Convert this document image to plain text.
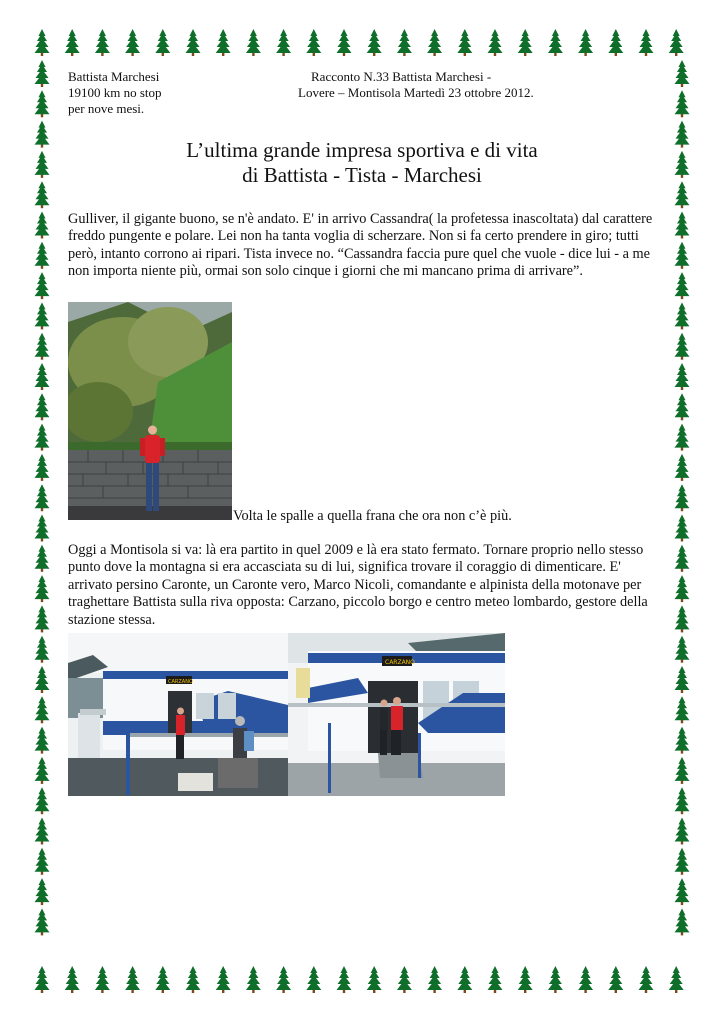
Battista Marchesi
19100 km no stop
per nove mesi.
Racconto N.33 Battista Marchesi -
Lovere – Montisola Martedì 23 ottobre 2012.
L’ultima grande impresa sportiva e di vita
di Battista - Tista - Marchesi
Gulliver, il gigante buono, se n'è andato. E' in arrivo Cassandra( la profetessa inascoltata) dal carattere freddo pungente e polare. Lei non ha tanta voglia di scherzare. Non si fa certo prendere in giro; tutti però, intanto corrono ai ripari. Tista invece no. “Cassandra faccia pure quel che vuole - dice lui - a me non importa niente più, ormai son solo cinque i giorni che mi mancano prima di arrivare”.
Volta le spalle a quella frana che ora non c’è più.
Oggi a Montisola si va: là era partito in quel 2009 e là era stato fermato. Tornare proprio nello stesso punto dove la montagna si era accasciata su di lui, significa trovare il coraggio di dimenticare. E' arrivato persino Caronte, un Caronte vero, Marco Nicoli, comandante e alpinista della motonave per traghettare Battista sulla riva opposta: Carzano, piccolo borgo e centro meteo lombardo, gestore della stazione stessa.
CARZANO
CARZANO
